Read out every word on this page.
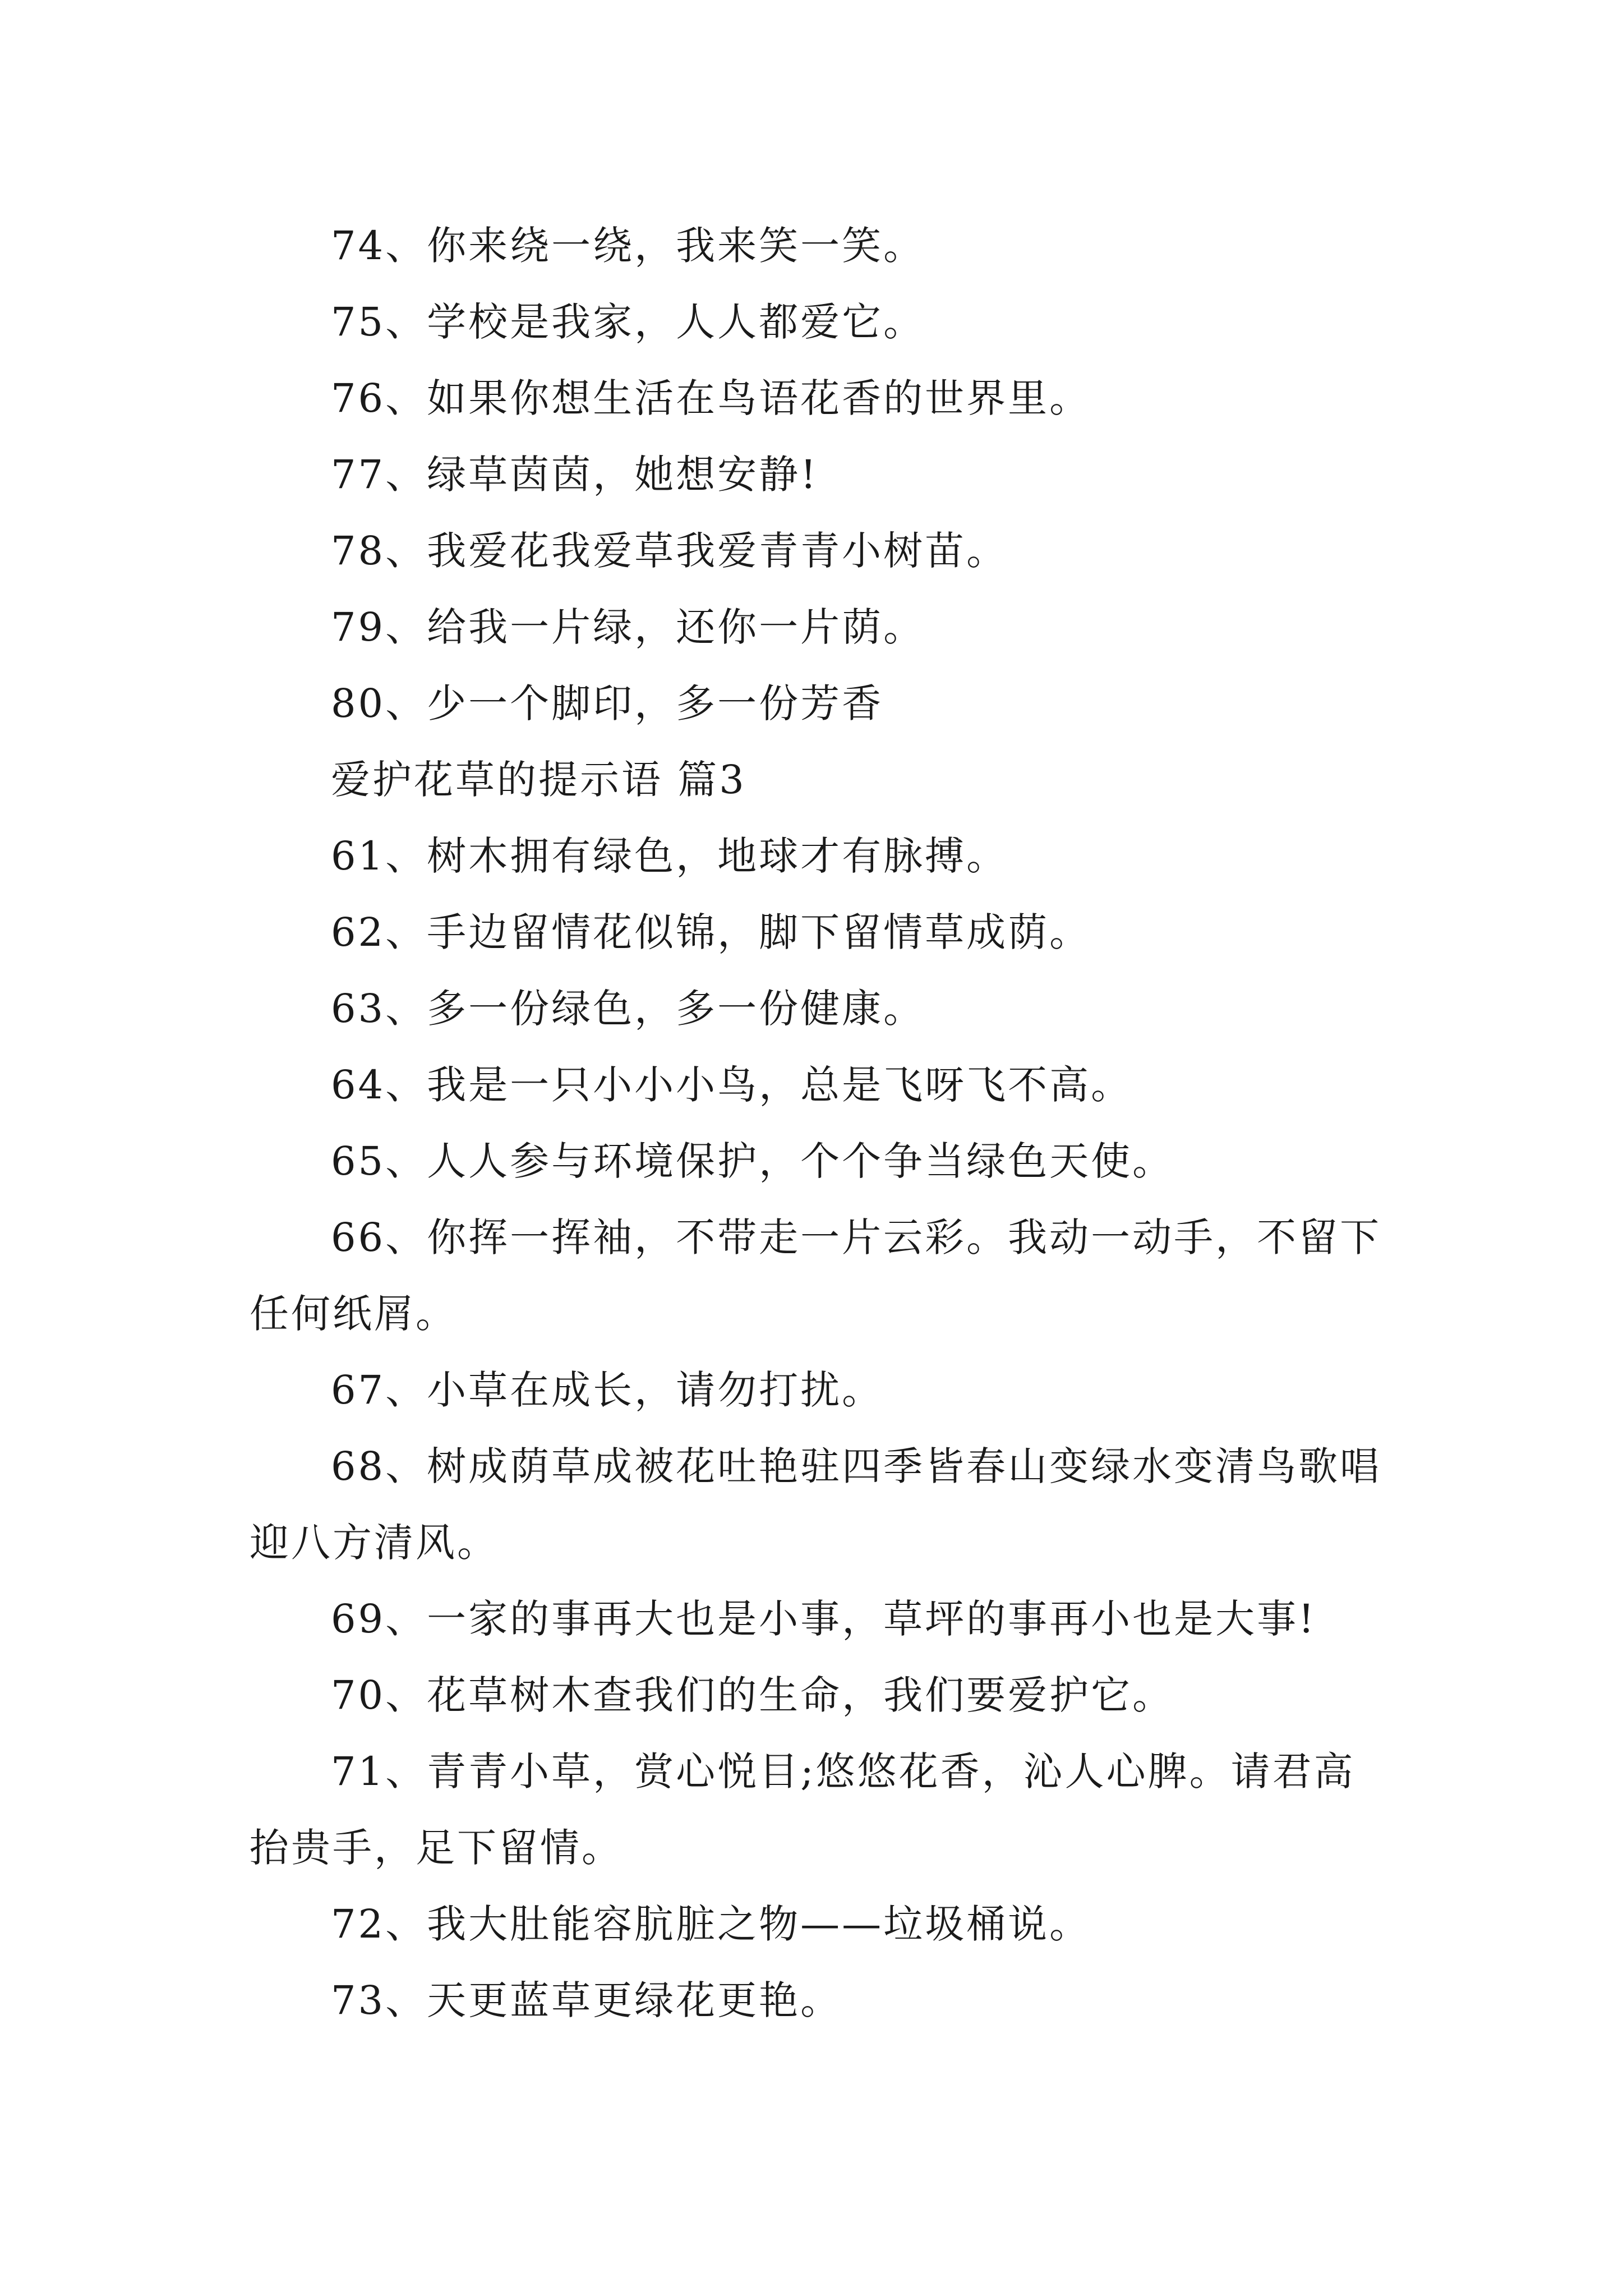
74、你来绕一绕，我来笑一笑。

75、学校是我家，人人都爱它。

76、如果你想生活在鸟语花香的世界里。

77、绿草茵茵，她想安静!

78、我爱花我爱草我爱青青小树苗。

79、给我一片绿，还你一片荫。

80、少一个脚印，多一份芳香

爱护花草的提示语 篇3

61、树木拥有绿色，地球才有脉搏。

62、手边留情花似锦，脚下留情草成荫。

63、多一份绿色，多一份健康。

64、我是一只小小小鸟，总是飞呀飞不高。

65、人人参与环境保护，个个争当绿色天使。

66、你挥一挥袖，不带走一片云彩。我动一动手，不留下任何纸屑。

67、小草在成长，请勿打扰。

68、树成荫草成被花吐艳驻四季皆春山变绿水变清鸟歌唱迎八方清风。

69、一家的事再大也是小事，草坪的事再小也是大事!

70、花草树木查我们的生命，我们要爱护它。

71、青青小草，赏心悦目;悠悠花香，沁人心脾。请君高抬贵手，足下留情。

72、我大肚能容肮脏之物——垃圾桶说。

73、天更蓝草更绿花更艳。
